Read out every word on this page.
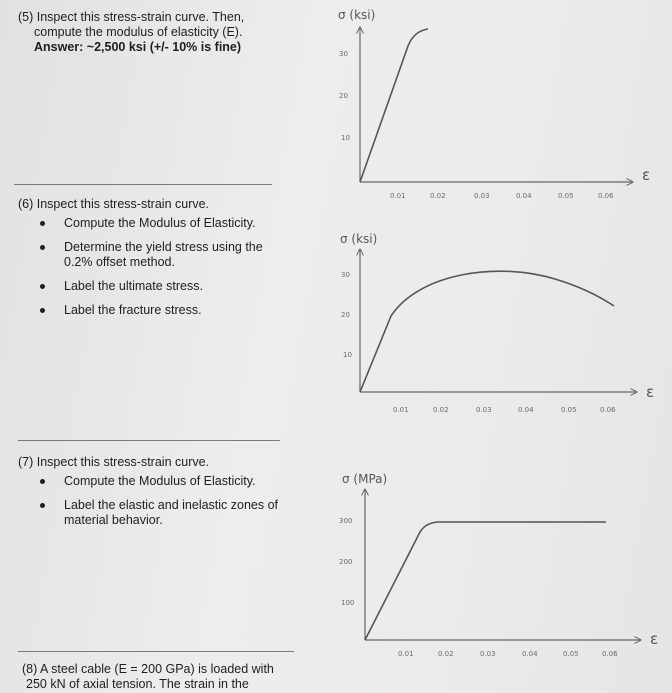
(5) Inspect this stress-strain curve. Then,

compute the modulus of elasticity (E).

Answer: ~2,500 ksi (+/- 10% is fine)

(6) Inspect this stress-strain curve.

Compute the Modulus of Elasticity.
Determine the yield stress using the 0.2% offset method.
Label the ultimate stress.
Label the fracture stress.

(7) Inspect this stress-strain curve.

Compute the Modulus of Elasticity.
Label the elastic and inelastic zones of material behavior.

(8) A steel cable (E = 200 GPa) is loaded with

250 kN of axial tension. The strain in the

σ (ksi)
ε
30
20
10
0.01	0.02	0.03	0.04	0.05	0.06
σ (ksi)
ε
30
20
10
0.01	0.02	0.03	0.04	0.05	0.06
σ (MPa)
ε
300
200
100
0.01	0.02	0.03	0.04	0.05	0.06
